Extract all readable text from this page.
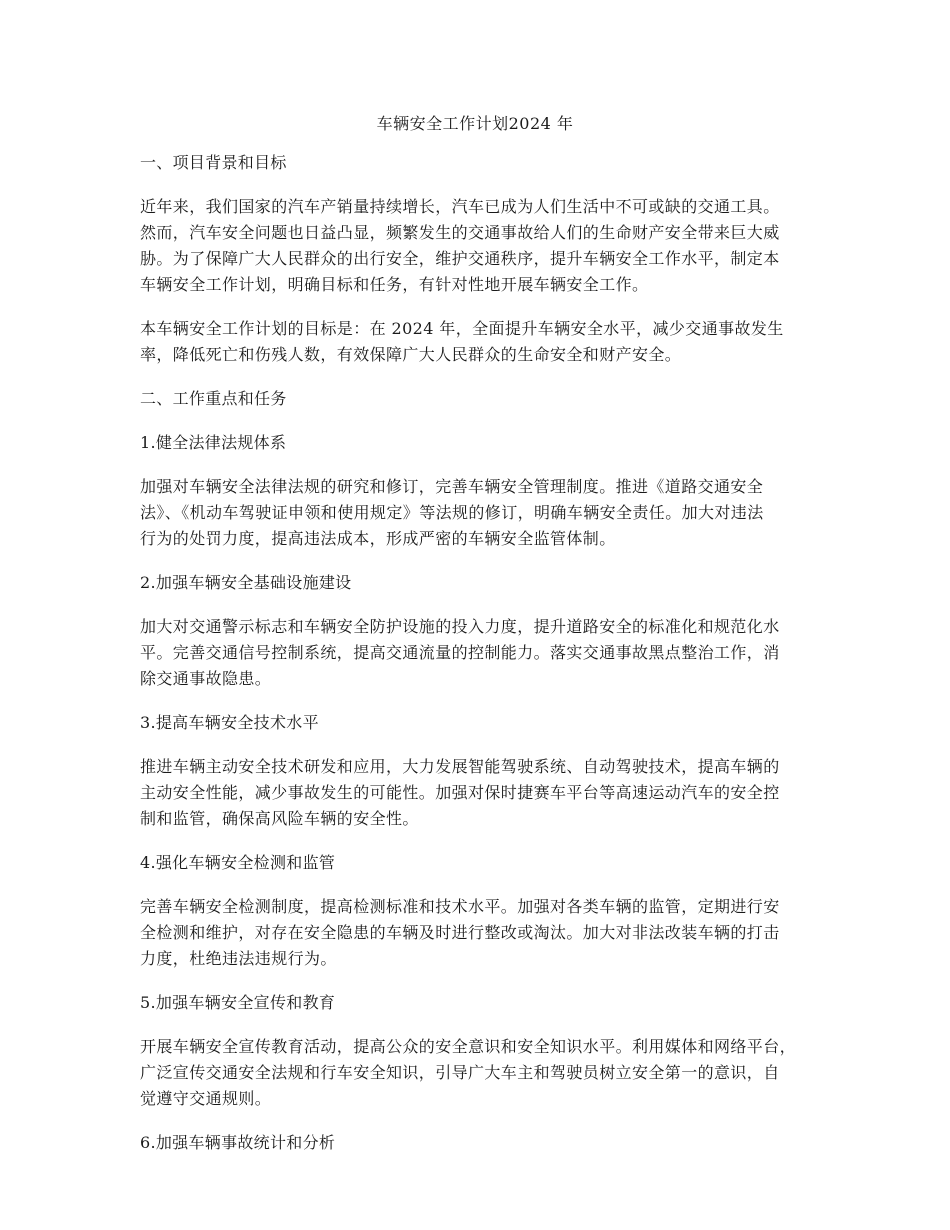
车辆安全工作计划2024 年
一、项目背景和目标
近年来，我们国家的汽车产销量持续增长，汽车已成为人们生活中不可或缺的交通工具。
然而，汽车安全问题也日益凸显，频繁发生的交通事故给人们的生命财产安全带来巨大威
胁。为了保障广大人民群众的出行安全，维护交通秩序，提升车辆安全工作水平，制定本
车辆安全工作计划，明确目标和任务，有针对性地开展车辆安全工作。
本车辆安全工作计划的目标是：在 2024 年，全面提升车辆安全水平，减少交通事故发生
率，降低死亡和伤残人数，有效保障广大人民群众的生命安全和财产安全。
二、工作重点和任务
1.健全法律法规体系
加强对车辆安全法律法规的研究和修订，完善车辆安全管理制度。推进《道路交通安全
法》、《机动车驾驶证申领和使用规定》等法规的修订，明确车辆安全责任。加大对违法
行为的处罚力度，提高违法成本，形成严密的车辆安全监管体制。
2.加强车辆安全基础设施建设
加大对交通警示标志和车辆安全防护设施的投入力度，提升道路安全的标准化和规范化水
平。完善交通信号控制系统，提高交通流量的控制能力。落实交通事故黑点整治工作，消
除交通事故隐患。
3.提高车辆安全技术水平
推进车辆主动安全技术研发和应用，大力发展智能驾驶系统、自动驾驶技术，提高车辆的
主动安全性能，减少事故发生的可能性。加强对保时捷赛车平台等高速运动汽车的安全控
制和监管，确保高风险车辆的安全性。
4.强化车辆安全检测和监管
完善车辆安全检测制度，提高检测标准和技术水平。加强对各类车辆的监管，定期进行安
全检测和维护，对存在安全隐患的车辆及时进行整改或淘汰。加大对非法改装车辆的打击
力度，杜绝违法违规行为。
5.加强车辆安全宣传和教育
开展车辆安全宣传教育活动，提高公众的安全意识和安全知识水平。利用媒体和网络平台，
广泛宣传交通安全法规和行车安全知识，引导广大车主和驾驶员树立安全第一的意识，自
觉遵守交通规则。
6.加强车辆事故统计和分析
